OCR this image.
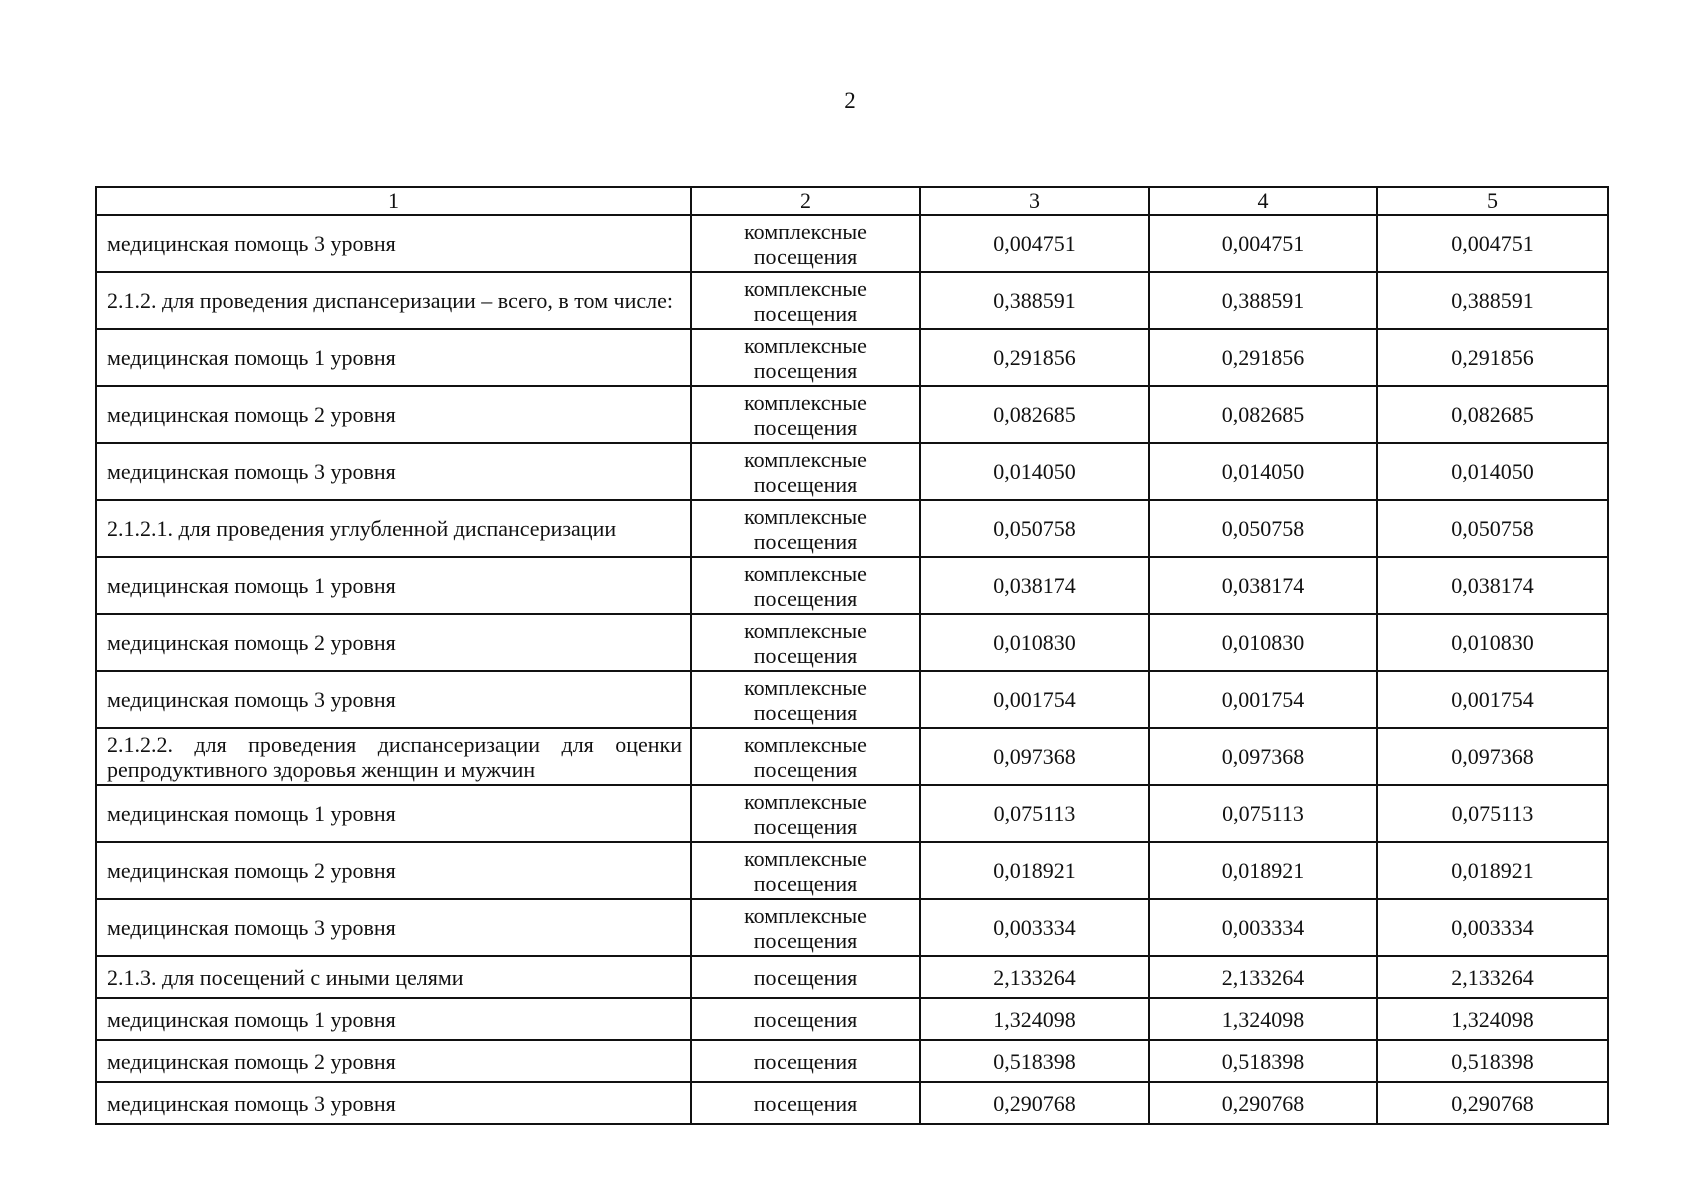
2
1	2	3	4	5
медицинская помощь 3 уровня	комплексные посещения	0,004751	0,004751	0,004751
2.1.2. для проведения диспансеризации – всего, в том числе:	комплексные посещения	0,388591	0,388591	0,388591
медицинская помощь 1 уровня	комплексные посещения	0,291856	0,291856	0,291856
медицинская помощь 2 уровня	комплексные посещения	0,082685	0,082685	0,082685
медицинская помощь 3 уровня	комплексные посещения	0,014050	0,014050	0,014050
2.1.2.1. для проведения углубленной диспансеризации	комплексные посещения	0,050758	0,050758	0,050758
медицинская помощь 1 уровня	комплексные посещения	0,038174	0,038174	0,038174
медицинская помощь 2 уровня	комплексные посещения	0,010830	0,010830	0,010830
медицинская помощь 3 уровня	комплексные посещения	0,001754	0,001754	0,001754
2.1.2.2. для проведения диспансеризации для оценки репродуктивного здоровья женщин и мужчин	комплексные посещения	0,097368	0,097368	0,097368
медицинская помощь 1 уровня	комплексные посещения	0,075113	0,075113	0,075113
медицинская помощь 2 уровня	комплексные посещения	0,018921	0,018921	0,018921
медицинская помощь 3 уровня	комплексные посещения	0,003334	0,003334	0,003334
2.1.3. для посещений с иными целями	посещения	2,133264	2,133264	2,133264
медицинская помощь 1 уровня	посещения	1,324098	1,324098	1,324098
медицинская помощь 2 уровня	посещения	0,518398	0,518398	0,518398
медицинская помощь 3 уровня	посещения	0,290768	0,290768	0,290768
